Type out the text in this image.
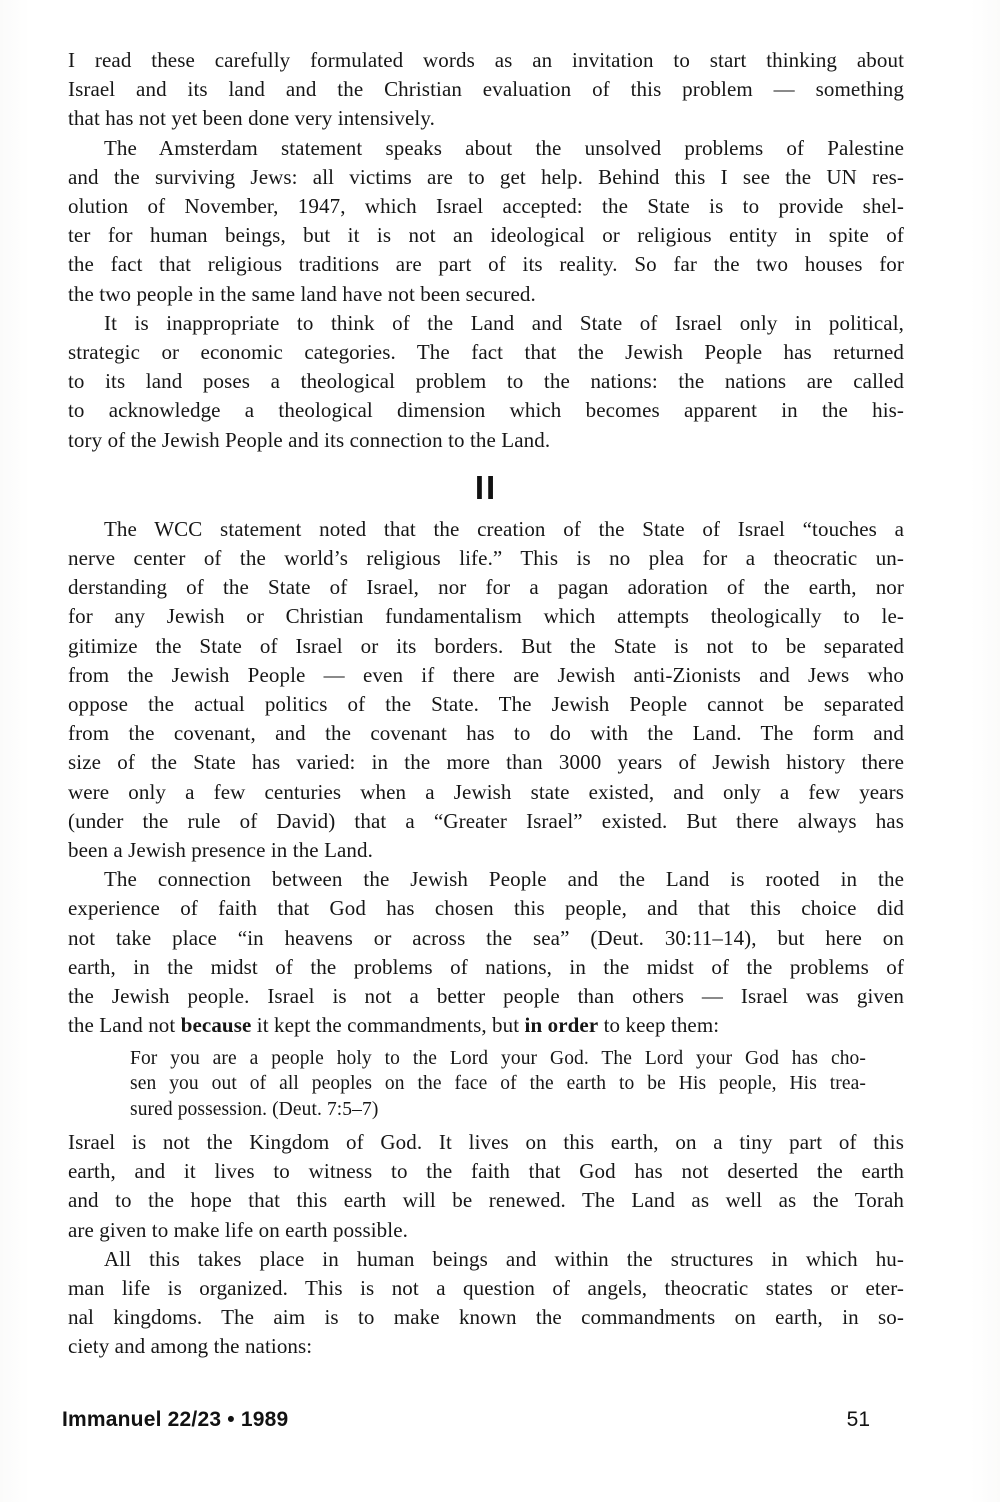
I read these carefully formulated words as an invitation to start thinking about
Israel and its land and the Christian evaluation of this problem — something
that has not yet been done very intensively.
The Amsterdam statement speaks about the unsolved problems of Palestine
and the surviving Jews: all victims are to get help. Behind this I see the UN res-
olution of November, 1947, which Israel accepted: the State is to provide shel-
ter for human beings, but it is not an ideological or religious entity in spite of
the fact that religious traditions are part of its reality. So far the two houses for
the two people in the same land have not been secured.
It is inappropriate to think of the Land and State of Israel only in political,
strategic or economic categories. The fact that the Jewish People has returned
to its land poses a theological problem to the nations: the nations are called
to acknowledge a theological dimension which becomes apparent in the his-
tory of the Jewish People and its connection to the Land.
II
The WCC statement noted that the creation of the State of Israel “touches a
nerve center of the world’s religious life.” This is no plea for a theocratic un-
derstanding of the State of Israel, nor for a pagan adoration of the earth, nor
for any Jewish or Christian fundamentalism which attempts theologically to le-
gitimize the State of Israel or its borders. But the State is not to be separated
from the Jewish People — even if there are Jewish anti-Zionists and Jews who
oppose the actual politics of the State. The Jewish People cannot be separated
from the covenant, and the covenant has to do with the Land. The form and
size of the State has varied: in the more than 3000 years of Jewish history there
were only a few centuries when a Jewish state existed, and only a few years
(under the rule of David) that a “Greater Israel” existed. But there always has
been a Jewish presence in the Land.
The connection between the Jewish People and the Land is rooted in the
experience of faith that God has chosen this people, and that this choice did
not take place “in heavens or across the sea” (Deut. 30:11–14), but here on
earth, in the midst of the problems of nations, in the midst of the problems of
the Jewish people. Israel is not a better people than others — Israel was given
the Land not because it kept the commandments, but in order to keep them:
For you are a people holy to the Lord your God. The Lord your God has cho-
sen you out of all peoples on the face of the earth to be His people, His trea-
sured possession. (Deut. 7:5–7)
Israel is not the Kingdom of God. It lives on this earth, on a tiny part of this
earth, and it lives to witness to the faith that God has not deserted the earth
and to the hope that this earth will be renewed. The Land as well as the Torah
are given to make life on earth possible.
All this takes place in human beings and within the structures in which hu-
man life is organized. This is not a question of angels, theocratic states or eter-
nal kingdoms. The aim is to make known the commandments on earth, in so-
ciety and among the nations:
Immanuel 22/23 • 1989	51
